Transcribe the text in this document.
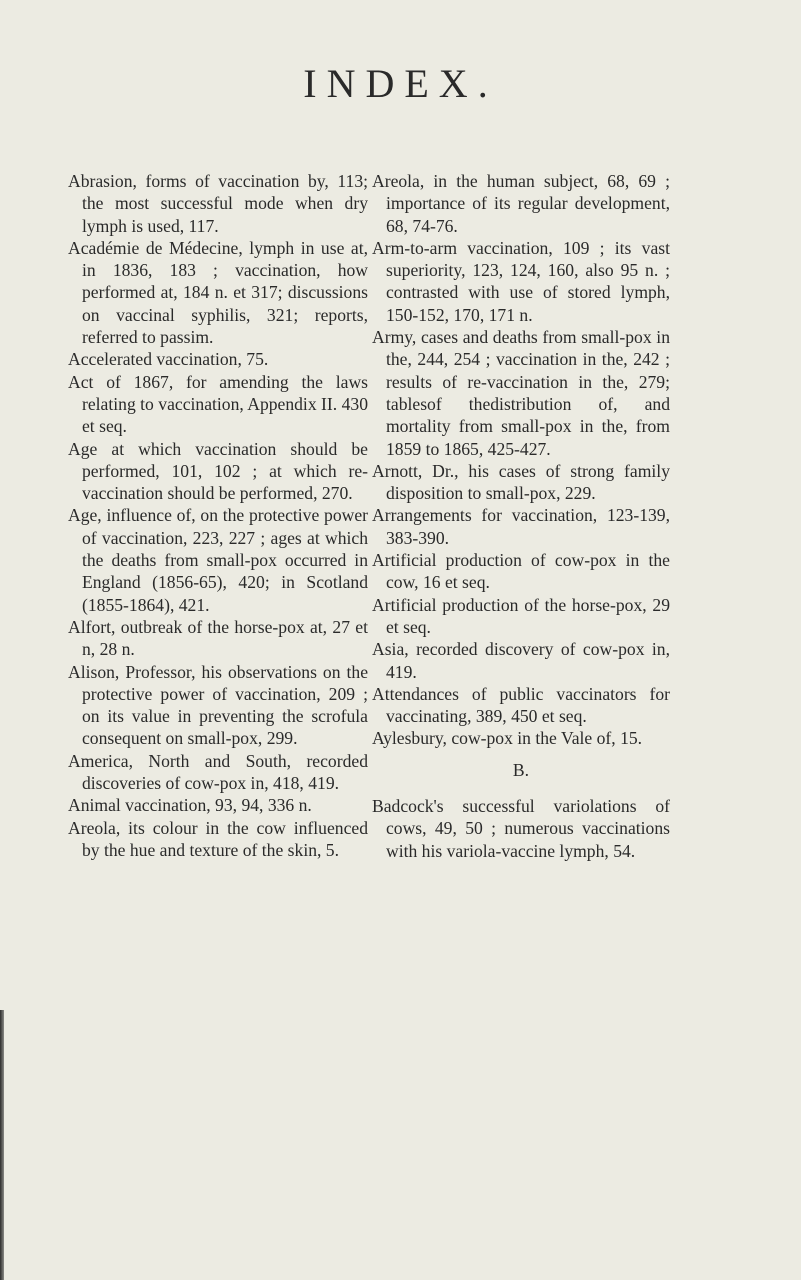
INDEX.

Abrasion, forms of vaccination by, 113; the most successful mode when dry lymph is used, 117.

Académie de Médecine, lymph in use at, in 1836, 183 ; vaccination, how performed at, 184 n. et 317; discussions on vaccinal syphilis, 321; reports, referred to passim.

Accelerated vaccination, 75.

Act of 1867, for amending the laws relating to vaccination, Appendix II. 430 et seq.

Age at which vaccination should be performed, 101, 102 ; at which re-vaccination should be performed, 270.

Age, influence of, on the protective power of vaccination, 223, 227 ; ages at which the deaths from small-pox occurred in England (1856-65), 420; in Scotland (1855-1864), 421.

Alfort, outbreak of the horse-pox at, 27 et n, 28 n.

Alison, Professor, his observations on the protective power of vaccination, 209 ; on its value in preventing the scrofula consequent on small-pox, 299.

America, North and South, recorded discoveries of cow-pox in, 418, 419.

Animal vaccination, 93, 94, 336 n.

Areola, its colour in the cow influenced by the hue and texture of the skin, 5.

Areola, in the human subject, 68, 69 ; importance of its regular development, 68, 74-76.

Arm-to-arm vaccination, 109 ; its vast superiority, 123, 124, 160, also 95 n. ; contrasted with use of stored lymph, 150-152, 170, 171 n.

Army, cases and deaths from small-pox in the, 244, 254 ; vaccination in the, 242 ; results of re-vaccination in the, 279; tablesof thedistribution of, and mortality from small-pox in the, from 1859 to 1865, 425-427.

Arnott, Dr., his cases of strong family disposition to small-pox, 229.

Arrangements for vaccination, 123-139, 383-390.

Artificial production of cow-pox in the cow, 16 et seq.

Artificial production of the horse-pox, 29 et seq.

Asia, recorded discovery of cow-pox in, 419.

Attendances of public vaccinators for vaccinating, 389, 450 et seq.

Aylesbury, cow-pox in the Vale of, 15.

B.

Badcock's successful variolations of cows, 49, 50 ; numerous vaccinations with his variola-vaccine lymph, 54.
